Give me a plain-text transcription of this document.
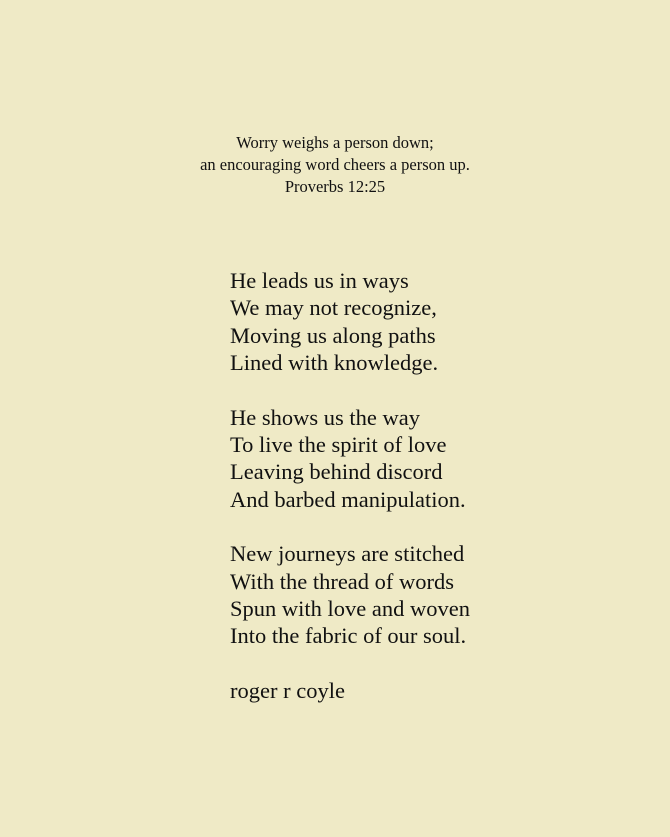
Worry weighs a person down;
an encouraging word cheers a person up.
Proverbs 12:25
He leads us in ways
We may not recognize,
Moving us along paths
Lined with knowledge.
He shows us the way
To live the spirit of love
Leaving behind discord
And barbed manipulation.
New journeys are stitched
With the thread of words
Spun with love and woven
Into the fabric of our soul.
roger r coyle
